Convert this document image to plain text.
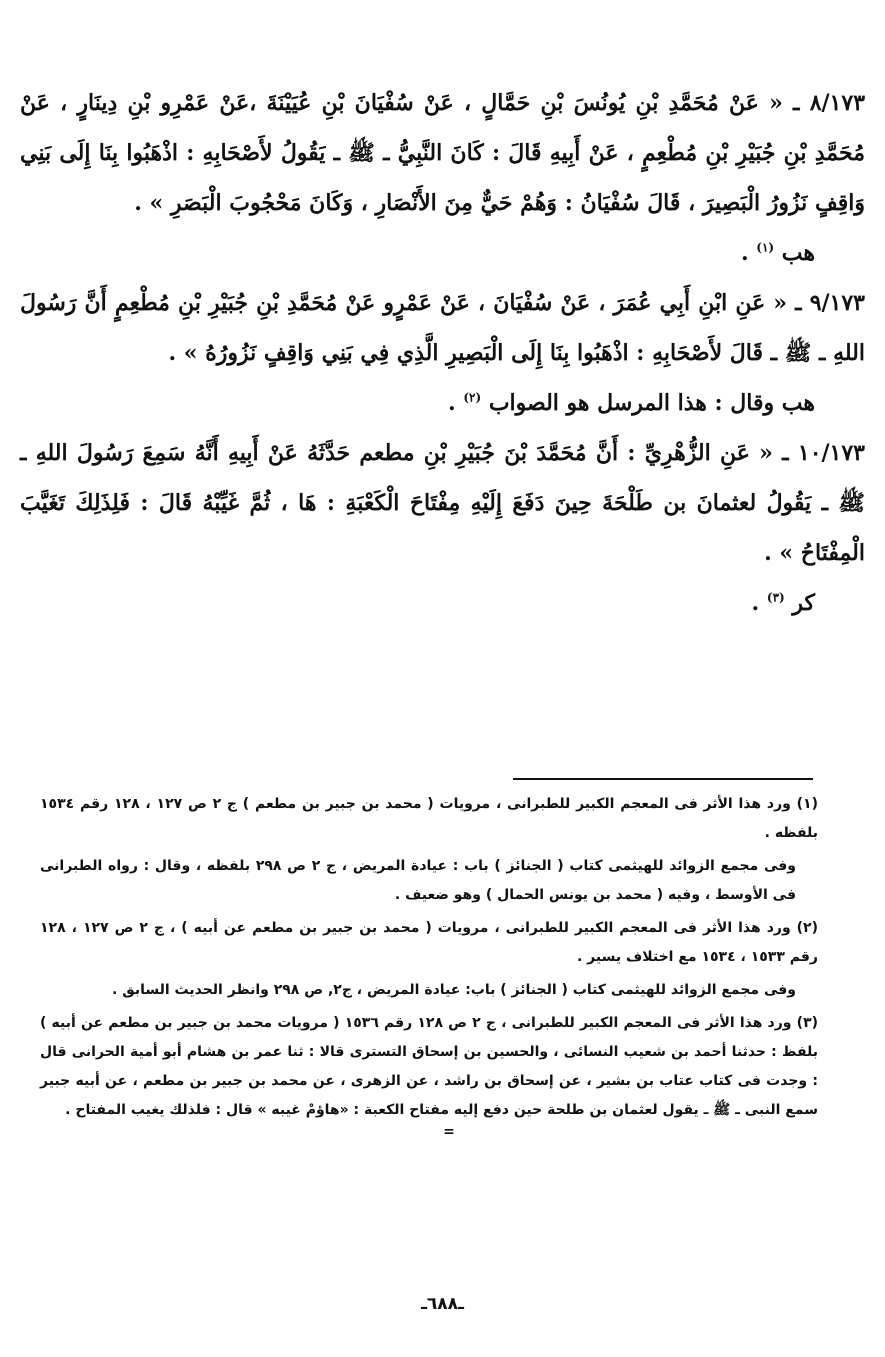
٨/١٧٣ ـ « عَنْ مُحَمَّدِ بْنِ يُونُسَ بْنِ حَمَّالٍ ، عَنْ سُفْيَانَ بْنِ عُيَيْنَةَ ،عَنْ عَمْرِو بْنِ دِينَارٍ ، عَنْ مُحَمَّدِ بْنِ جُبَيْرِ بْنِ مُطْعِمٍ ، عَنْ أَبِيهِ قَالَ : كَانَ النَّبِيُّ ـ ﷺ ـ يَقُولُ لأَصْحَابِهِ : اذْهَبُوا بِنَا إِلَى بَنِي وَاقِفٍ نَزُورُ الْبَصِيرَ ، قَالَ سُفْيَانُ : وَهُمْ حَيٌّ مِنَ الأَنْصَارِ ، وَكَانَ مَحْجُوبَ الْبَصَرِ » .

هب $^{(١)}$ .

٩/١٧٣ ـ « عَنِ ابْنِ أَبِي عُمَرَ ، عَنْ سُفْيَانَ ، عَنْ عَمْرٍو عَنْ مُحَمَّدِ بْنِ جُبَيْرِ بْنِ مُطْعِمٍ أَنَّ رَسُولَ اللهِ ـ ﷺ ـ قَالَ لأَصْحَابِهِ : اذْهَبُوا بِنَا إِلَى الْبَصِيرِ الَّذِي فِي بَنِي وَاقِفٍ نَزُورُهُ » .

هب وقال : هذا المرسل هو الصواب $^{(٢)}$ .

١٠/١٧٣ ـ « عَنِ الزُّهْرِيِّ : أَنَّ مُحَمَّدَ بْنَ جُبَيْرِ بْنِ مطعم حَدَّثَهُ عَنْ أَبِيهِ أَنَّهُ سَمِعَ رَسُولَ اللهِ ـ ﷺ ـ يَقُولُ لعثمانَ بن طَلْحَةَ حِينَ دَفَعَ إِلَيْهِ مِفْتَاحَ الْكَعْبَةِ : هَا ، ثُمَّ غَيِّبْهُ قَالَ : فَلِذَلِكَ تَغَيَّبَ الْمِفْتَاحُ » .

كر $^{(٣)}$ .

(١) ورد هذا الأثر فى المعجم الكبير للطبرانى ، مرويات ( محمد بن جبير بن مطعم ) ج ٢ ص ١٢٧ ، ١٢٨ رقم ١٥٣٤ بلفظه .

وفى مجمع الزوائد للهيثمى كتاب ( الجنائز ) باب : عيادة المريض ، ج ٢ ص ٢٩٨ بلفظه ، وقال : رواه الطبرانى فى الأوسط ، وفيه ( محمد بن يونس الحمال ) وهو ضعيف .

(٢) ورد هذا الأثر فى المعجم الكبير للطبرانى ، مرويات ( محمد بن جبير بن مطعم عن أبيه ) ، ج ٢ ص ١٢٧ ، ١٢٨ رقم ١٥٣٣ ، ١٥٣٤ مع اختلاف يسير .

وفى مجمع الزوائد للهيثمى كتاب ( الجنائز ) باب: عيادة المريض ، ج٢, ص ٢٩٨ وانظر الحديث السابق .

(٣) ورد هذا الأثر فى المعجم الكبير للطبرانى ، ج ٢ ص ١٢٨ رقم ١٥٣٦ ( مرويات محمد بن جبير بن مطعم عن أبيه ) بلفظ : حدثنا أحمد بن شعيب النسائى ، والحسين بن إسحاق التسترى قالا : ثنا عمر بن هشام أبو أمية الحرانى قال : وجدت فى كتاب عتاب بن بشير ، عن إسحاق بن راشد ، عن الزهرى ، عن محمد بن جبير بن مطعم ، عن أبيه جبير سمع النبى ـ ﷺ ـ يقول لعثمان بن طلحة حين دفع إليه مفتاح الكعبة : «هاؤمْ غيبه » قال : فلذلك يغيب المفتاح .

=

ـ٦٨٨ـ
